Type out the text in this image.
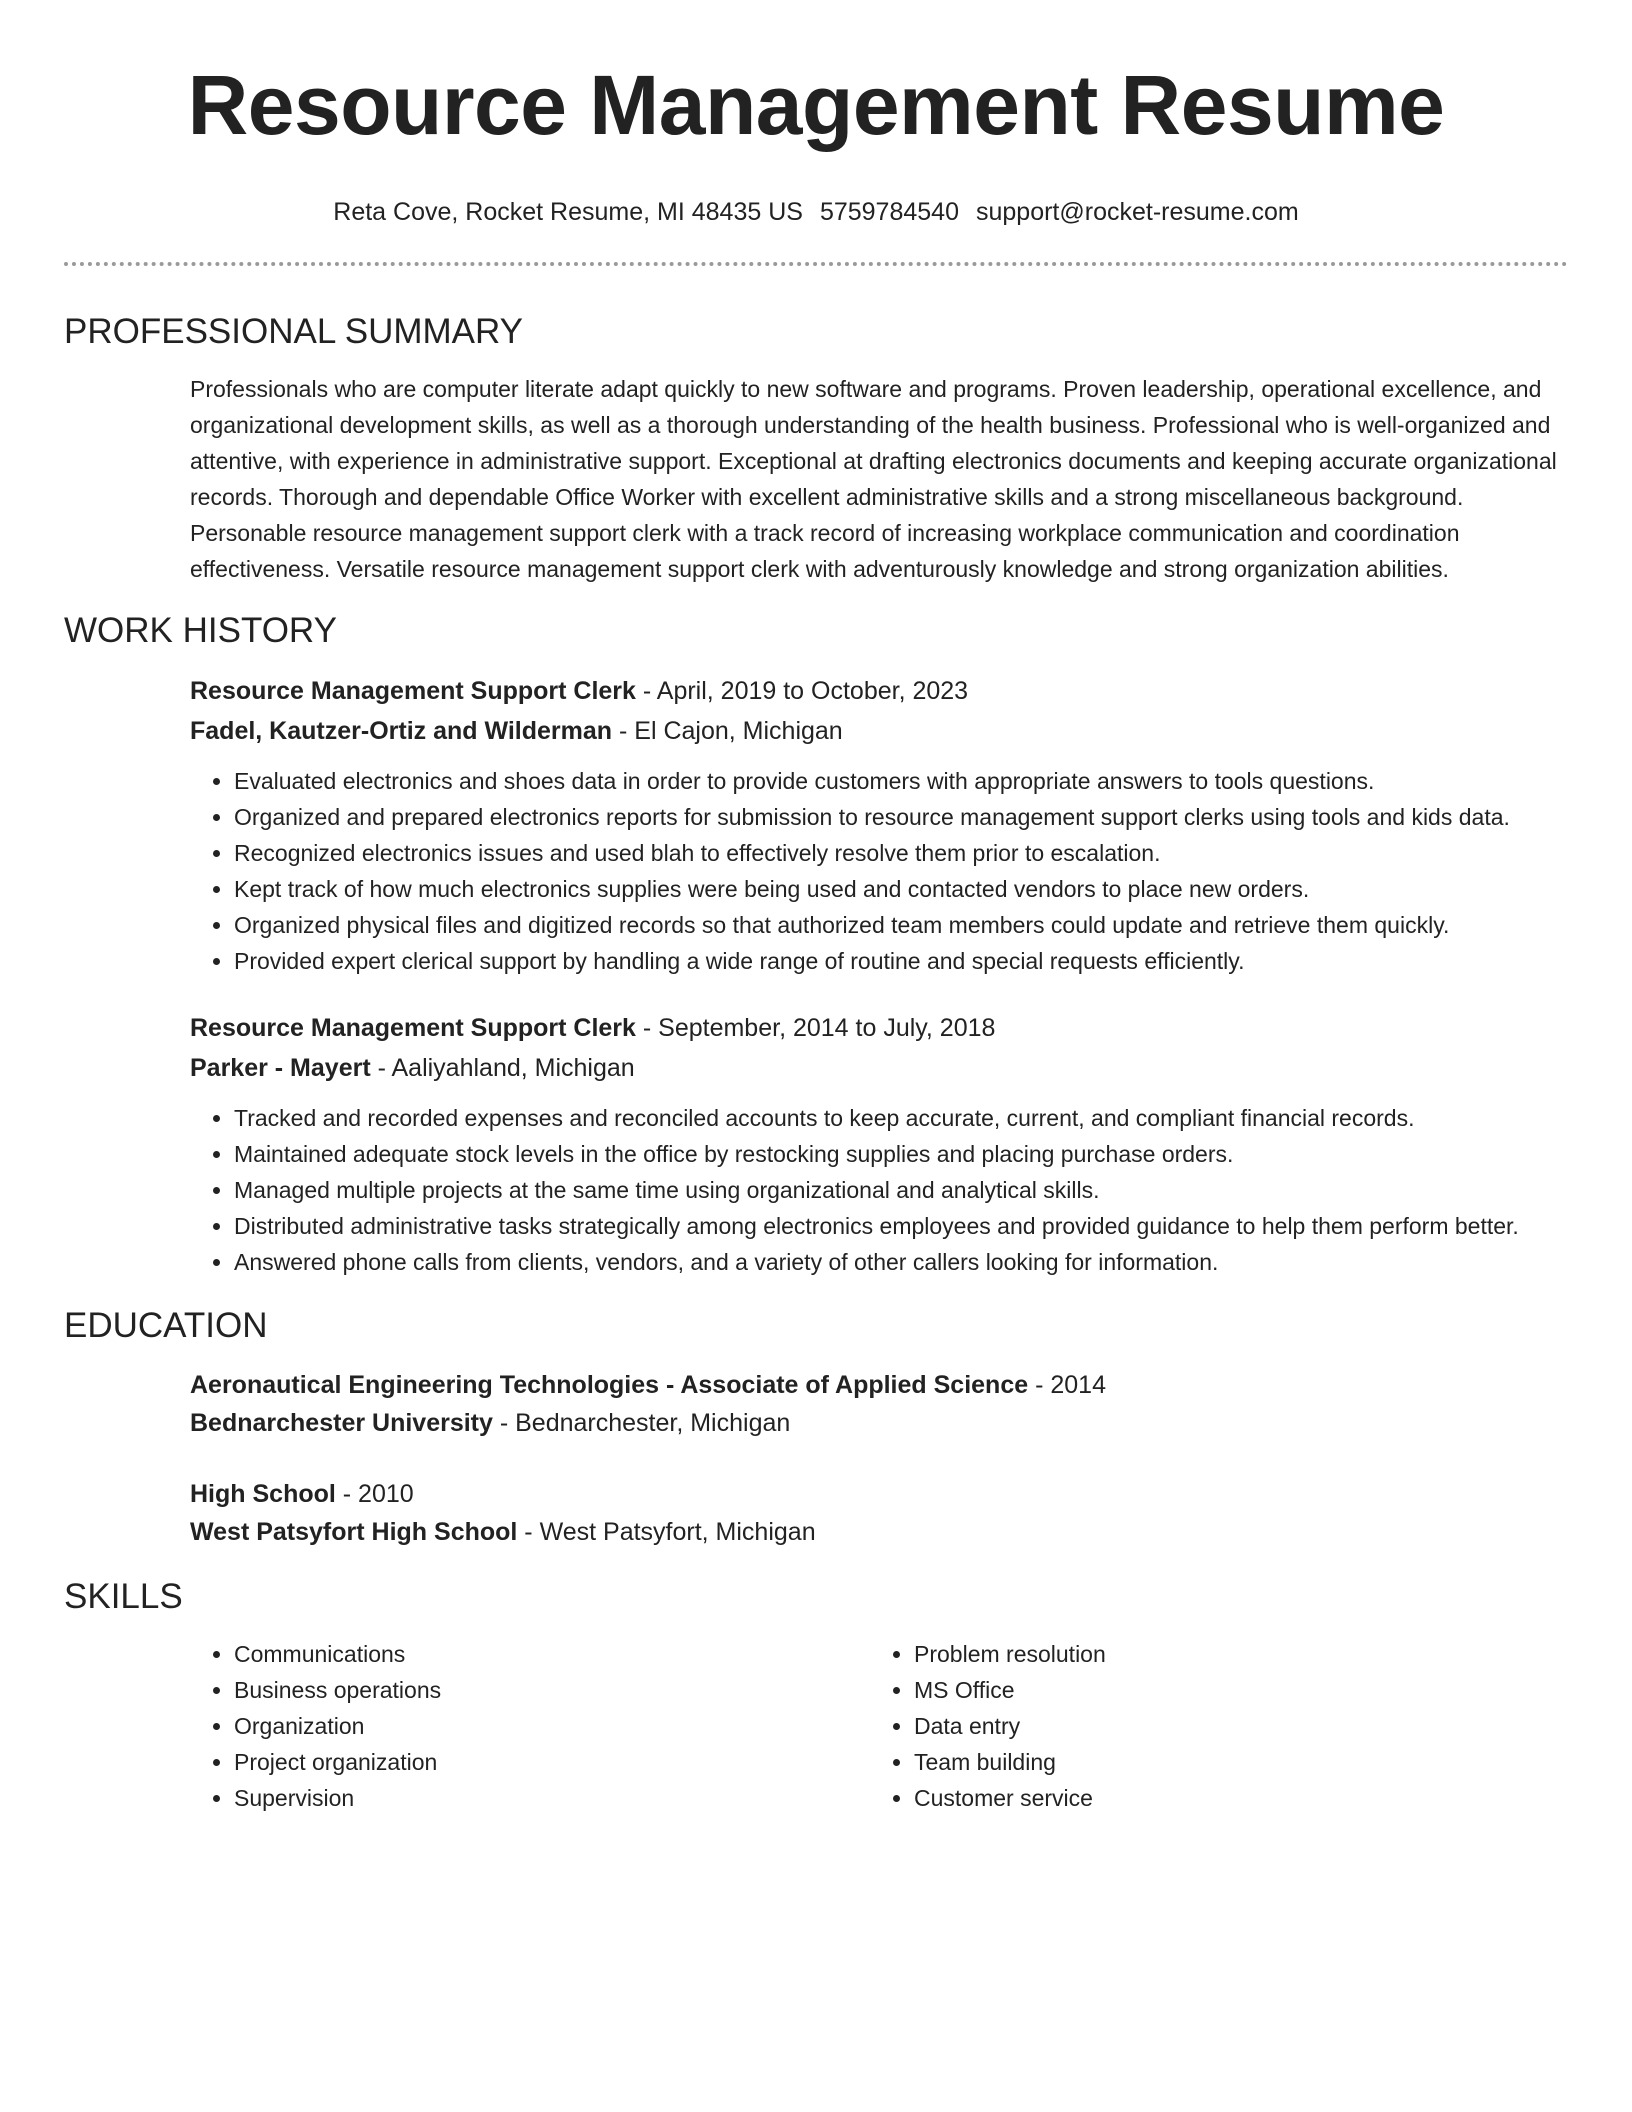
Resource Management Resume
Reta Cove, Rocket Resume, MI 48435 US 5759784540 support@rocket-resume.com
PROFESSIONAL SUMMARY

Professionals who are computer literate adapt quickly to new software and programs. Proven leadership, operational excellence, and organizational development skills, as well as a thorough understanding of the health business. Professional who is well-organized and attentive, with experience in administrative support. Exceptional at drafting electronics documents and keeping accurate organizational records. Thorough and dependable Office Worker with excellent administrative skills and a strong miscellaneous background. Personable resource management support clerk with a track record of increasing workplace communication and coordination effectiveness. Versatile resource management support clerk with adventurously knowledge and strong organization abilities.

WORK HISTORY
Resource Management Support Clerk - April, 2019 to October, 2023
Fadel, Kautzer-Ortiz and Wilderman - El Cajon, Michigan
• Evaluated electronics and shoes data in order to provide customers with appropriate answers to tools questions.
• Organized and prepared electronics reports for submission to resource management support clerks using tools and kids data.
• Recognized electronics issues and used blah to effectively resolve them prior to escalation.
• Kept track of how much electronics supplies were being used and contacted vendors to place new orders.
• Organized physical files and digitized records so that authorized team members could update and retrieve them quickly.
• Provided expert clerical support by handling a wide range of routine and special requests efficiently.
Resource Management Support Clerk - September, 2014 to July, 2018
Parker - Mayert - Aaliyahland, Michigan
• Tracked and recorded expenses and reconciled accounts to keep accurate, current, and compliant financial records.
• Maintained adequate stock levels in the office by restocking supplies and placing purchase orders.
• Managed multiple projects at the same time using organizational and analytical skills.
• Distributed administrative tasks strategically among electronics employees and provided guidance to help them perform better.
• Answered phone calls from clients, vendors, and a variety of other callers looking for information.
EDUCATION
Aeronautical Engineering Technologies - Associate of Applied Science - 2014
Bednarchester University - Bednarchester, Michigan
High School - 2010
West Patsyfort High School - West Patsyfort, Michigan
SKILLS
• Communications
• Business operations
• Organization
• Project organization
• Supervision
• Problem resolution
• MS Office
• Data entry
• Team building
• Customer service
